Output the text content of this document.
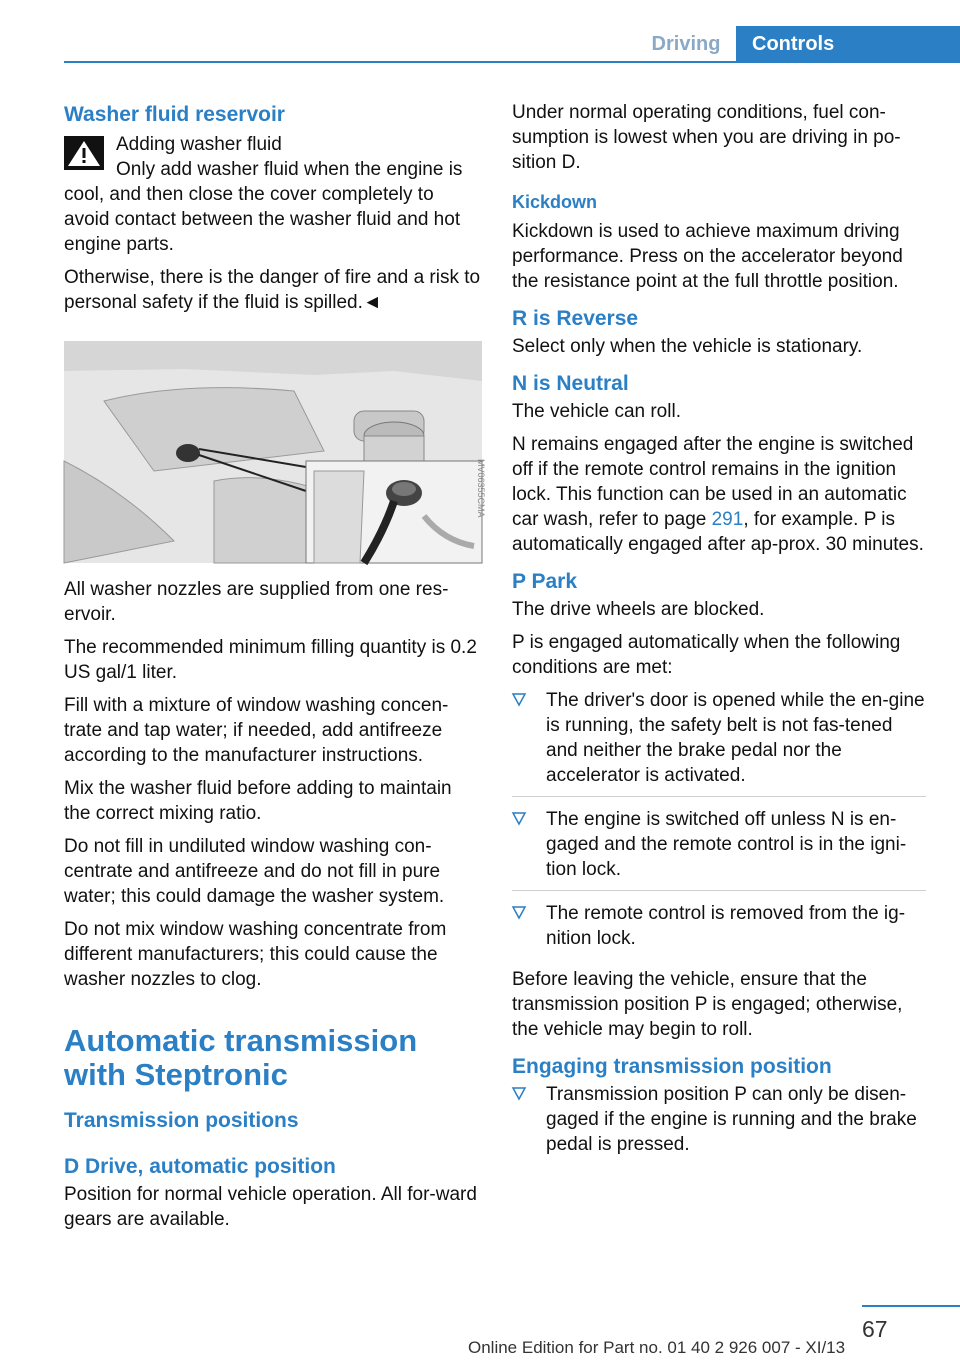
Driving	Controls
Washer fluid reservoir

Adding washer fluid

Only add washer fluid when the engine is

cool, and then close the cover completely to avoid contact between the washer fluid and hot engine parts.

Otherwise, there is the danger of fire and a risk to personal safety if the fluid is spilled.◄

MV06355CMA

All washer nozzles are supplied from one res-ervoir.

The recommended minimum filling quantity is 0.2 US gal/1 liter.

Fill with a mixture of window washing concen-trate and tap water; if needed, add antifreeze according to the manufacturer instructions.

Mix the washer fluid before adding to maintain the correct mixing ratio.

Do not fill in undiluted window washing con-centrate and antifreeze and do not fill in pure water; this could damage the washer system.

Do not mix window washing concentrate from different manufacturers; this could cause the washer nozzles to clog.

Automatic transmission with Steptronic
Transmission positions
D Drive, automatic position

Position for normal vehicle operation. All for-ward gears are available.

Under normal operating conditions, fuel con-sumption is lowest when you are driving in po-sition D.

Kickdown

Kickdown is used to achieve maximum driving performance. Press on the accelerator beyond the resistance point at the full throttle position.

R is Reverse

Select only when the vehicle is stationary.

N is Neutral

The vehicle can roll.

N remains engaged after the engine is switched off if the remote control remains in the ignition lock. This function can be used in an automatic car wash, refer to page 291, for example. P is automatically engaged after ap-prox. 30 minutes.

P Park

The drive wheels are blocked.

P is engaged automatically when the following conditions are met:

The driver's door is opened while the en-gine is running, the safety belt is not fas-tened and neither the brake pedal nor the accelerator is activated.
The engine is switched off unless N is en-gaged and the remote control is in the igni-tion lock.
The remote control is removed from the ig-nition lock.

Before leaving the vehicle, ensure that the transmission position P is engaged; otherwise, the vehicle may begin to roll.

Engaging transmission position
Transmission position P can only be disen-gaged if the engine is running and the brake pedal is pressed.
67
Online Edition for Part no. 01 40 2 926 007 - XI/13
